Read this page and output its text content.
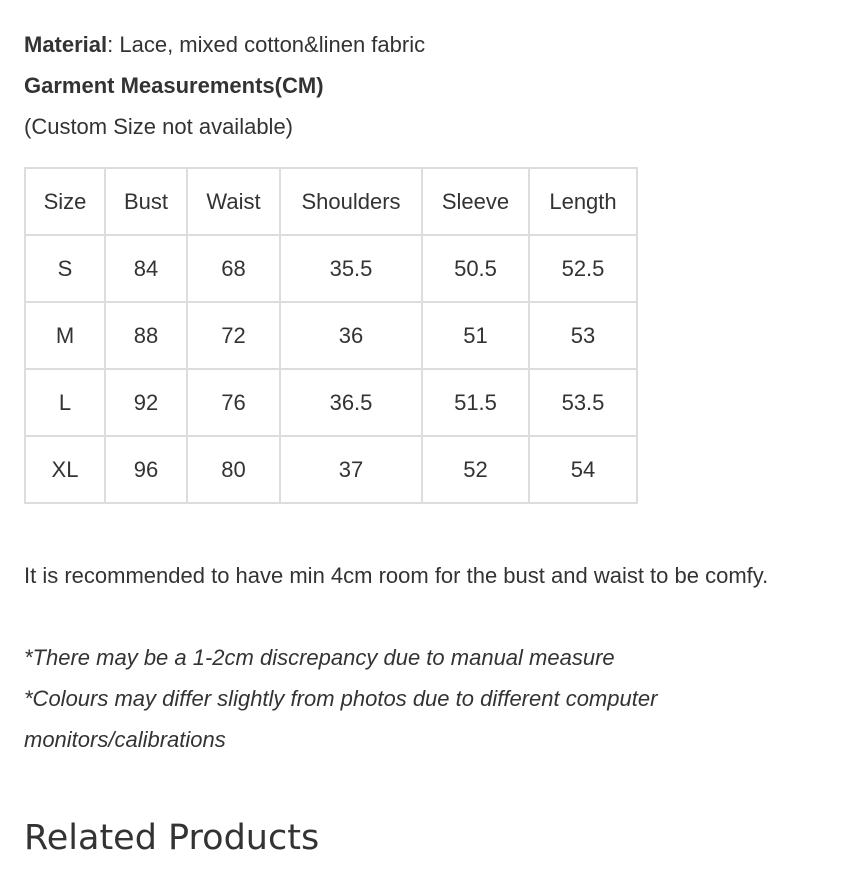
Material: Lace, mixed cotton&linen fabric

Garment Measurements(CM)

(Custom Size not available)

Size	Bust	Waist	Shoulders	Sleeve	Length
S	84	68	35.5	50.5	52.5
M	88	72	36	51	53
L	92	76	36.5	51.5	53.5
XL	96	80	37	52	54

It is recommended to have min 4cm room for the bust and waist to be comfy.

*There may be a 1-2cm discrepancy due to manual measure

*Colours may differ slightly from photos due to different computer monitors/calibrations

Related Products
